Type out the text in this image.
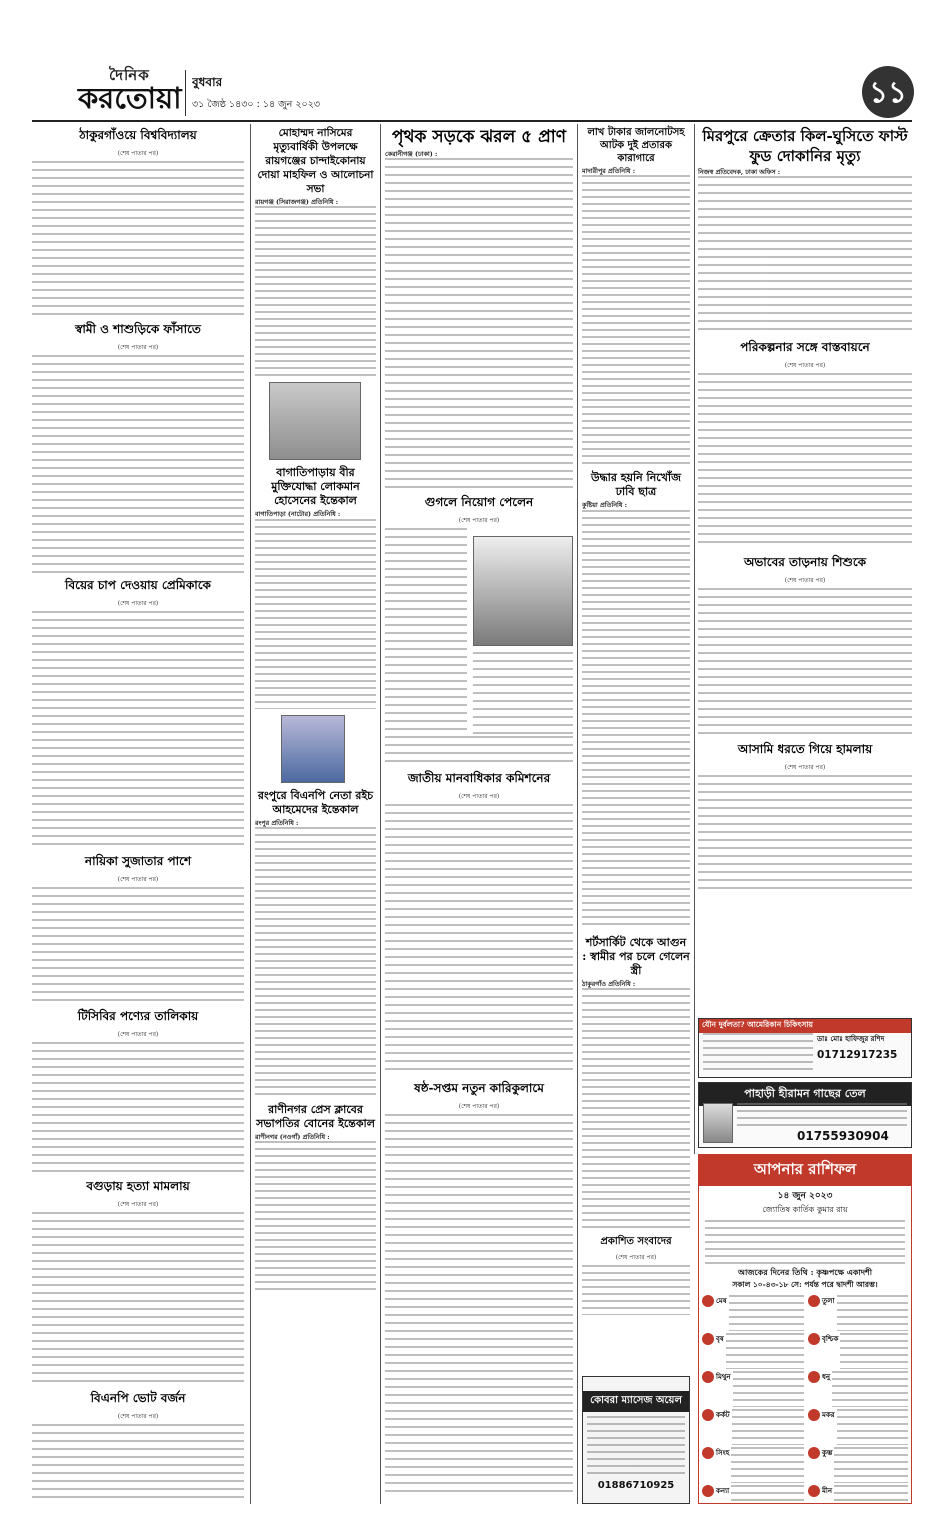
দৈনিক
করতোয়া বুধবার
৩১ জৈষ্ঠ ১৪৩০ : ১৪ জুন ২০২৩	১১
ঠাকুরগাঁওয়ে বিশ্ববিদ্যালয়
(শেষ পাতার পর)
স্বামী ও শাশুড়িকে ফাঁসাতে
(শেষ পাতার পর)
বিয়ের চাপ দেওয়ায় প্রেমিকাকে
(শেষ পাতার পর)
নায়িকা সুজাতার পাশে
(শেষ পাতার পর)
টিসিবির পণ্যের তালিকায়
(শেষ পাতার পর)
বগুড়ায় হত্যা মামলায়
(শেষ পাতার পর)
বিএনপি ভোট বর্জন
(শেষ পাতার পর)
মোহাম্মদ নাসিমের মৃত্যুবার্ষিকী উপলক্ষে রায়গঞ্জের চান্দাইকোনায় দোয়া মাহফিল ও আলোচনা সভা
রায়গঞ্জ (সিরাজগঞ্জ) প্রতিনিধি :
বাগাতিপাড়ায় বীর মুক্তিযোদ্ধা লোকমান হোসেনের ইন্তেকাল
বাগাতিপাড়া (নাটোর) প্রতিনিধি :
রংপুরে বিএনপি নেতা রইচ আহমেদের ইন্তেকাল
রংপুর প্রতিনিধি :
রাণীনগর প্রেস ক্লাবের সভাপতির বোনের ইন্তেকাল
রাণীনগর (নওগাঁ) প্রতিনিধি :
পৃথক সড়কে ঝরল ৫ প্রাণ
কেরানীগঞ্জ (ঢাকা) :
গুগলে নিয়োগ পেলেন
(শেষ পাতার পর)
জাতীয় মানবাধিকার কমিশনের
(শেষ পাতার পর)
ষষ্ঠ-সপ্তম নতুন কারিকুলামে
(শেষ পাতার পর)
লাখ টাকার জালনোটসহ আটক দুই প্রতারক কারাগারে
মাদারীপুর প্রতিনিধি :
উদ্ধার হয়নি নিখোঁজ ঢাবি ছাত্র
কুষ্টিয়া প্রতিনিধি :
শর্টসার্কিট থেকে আগুন : স্বামীর পর চলে গেলেন স্ত্রী
ঠাকুরগাঁও প্রতিনিধি :
প্রকাশিত সংবাদের
(শেষ পাতার পর)
কোবরা ম্যাসেজ অয়েল
01886710925
মিরপুরে ক্রেতার কিল-ঘুসিতে ফাস্ট ফুড দোকানির মৃত্যু
নিজস্ব প্রতিবেদক, ঢাকা অফিস :
পরিকল্পনার সঙ্গে বাস্তবায়নে
(শেষ পাতার পর)
অভাবের তাড়নায় শিশুকে
(শেষ পাতার পর)
আসামি ধরতে গিয়ে হামলায়
(শেষ পাতার পর)
যৌন দুর্বলতা? আমেরিকান চিকিৎসায়
ডাঃ মোঃ হাফিজুর রশিদ
01712917235
পাহাড়ী হীরামন গাছের তেল
01755930904
আপনার রাশিফল
১৪ জুন ২০২৩
জ্যোতিষ কার্তিক কুমার রায়
আজকের দিনের তিথি : কৃষ্ণপক্ষে একাদশী
সকাল ১০-৪৩-১৮ সে: পর্যন্ত পরে দ্বাদশী আরম্ভ।
মেষ
বৃষ
মিথুন
কর্কট
সিংহ
কন্যা
তুলা
বৃশ্চিক
ধনু
মকর
কুম্ভ
মীন
